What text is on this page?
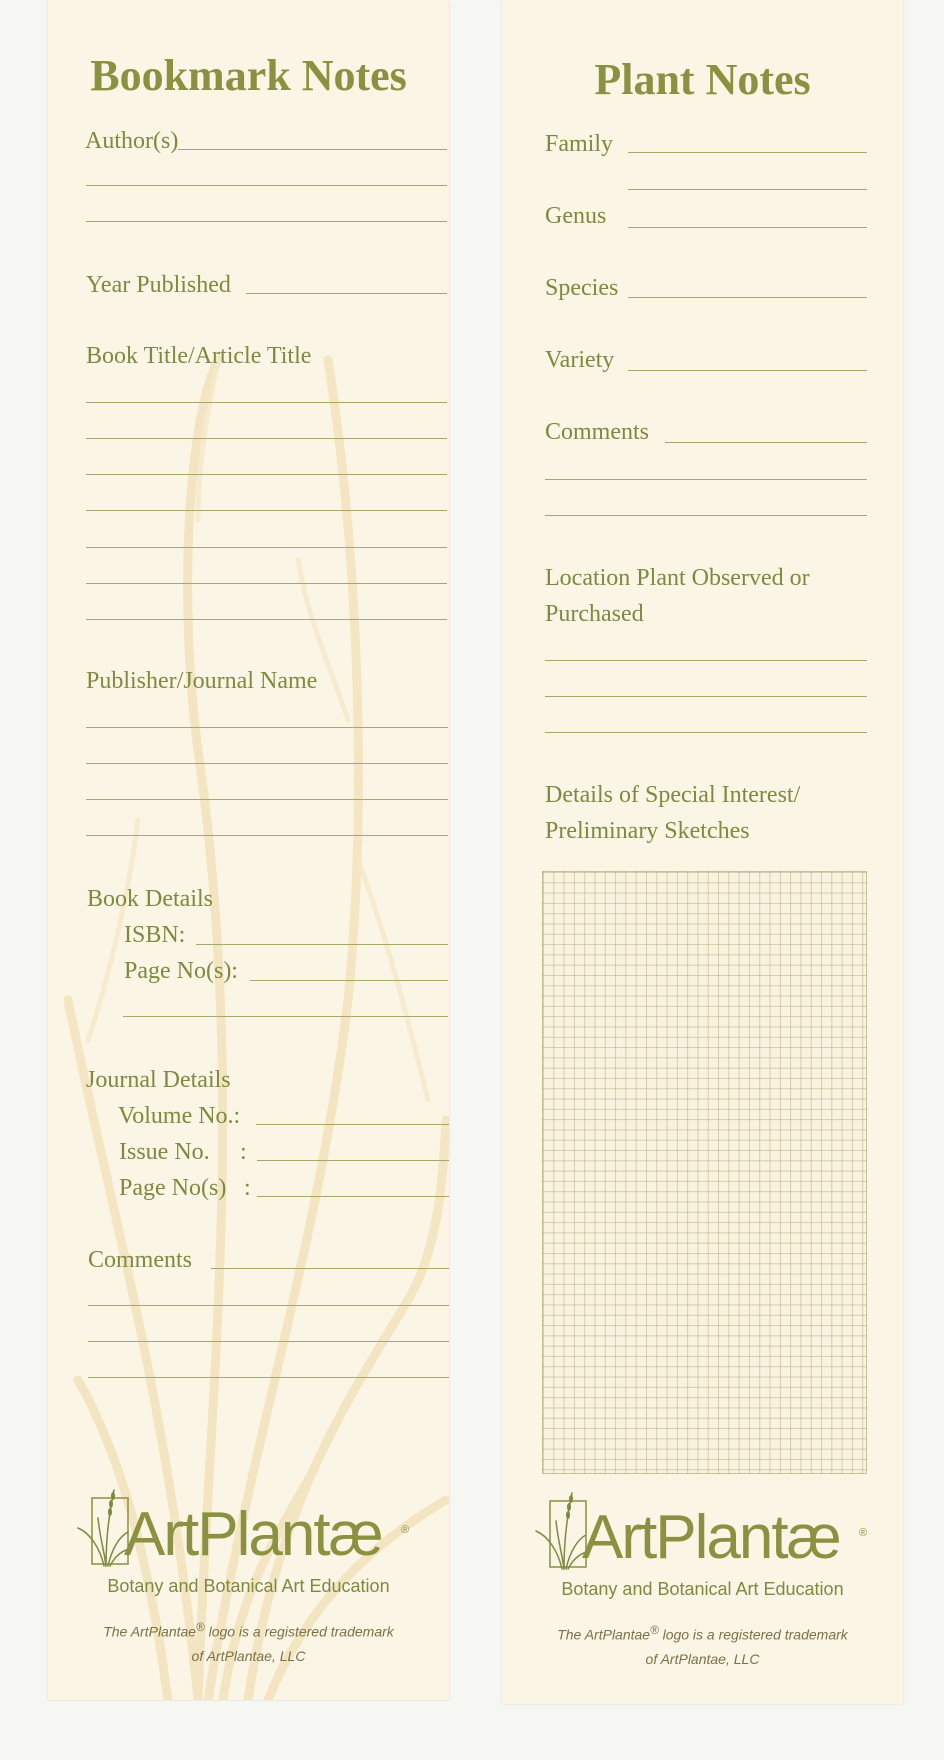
Bookmark Notes
Author(s)
Year Published
Book Title/Article Title
Publisher/Journal Name
Book Details
ISBN:
Page No(s):
Journal Details
Volume No.:
Issue No. :
Page No(s) :
Comments
ArtPlantæ ®
Botany and Botanical Art Education
The ArtPlantae® logo is a registered trademark
of ArtPlantae, LLC
Plant Notes
Family
Genus
Species
Variety
Comments
Location Plant Observed or
Purchased
Details of Special Interest/
Preliminary Sketches
ArtPlantæ ®
Botany and Botanical Art Education
The ArtPlantae® logo is a registered trademark
of ArtPlantae, LLC
